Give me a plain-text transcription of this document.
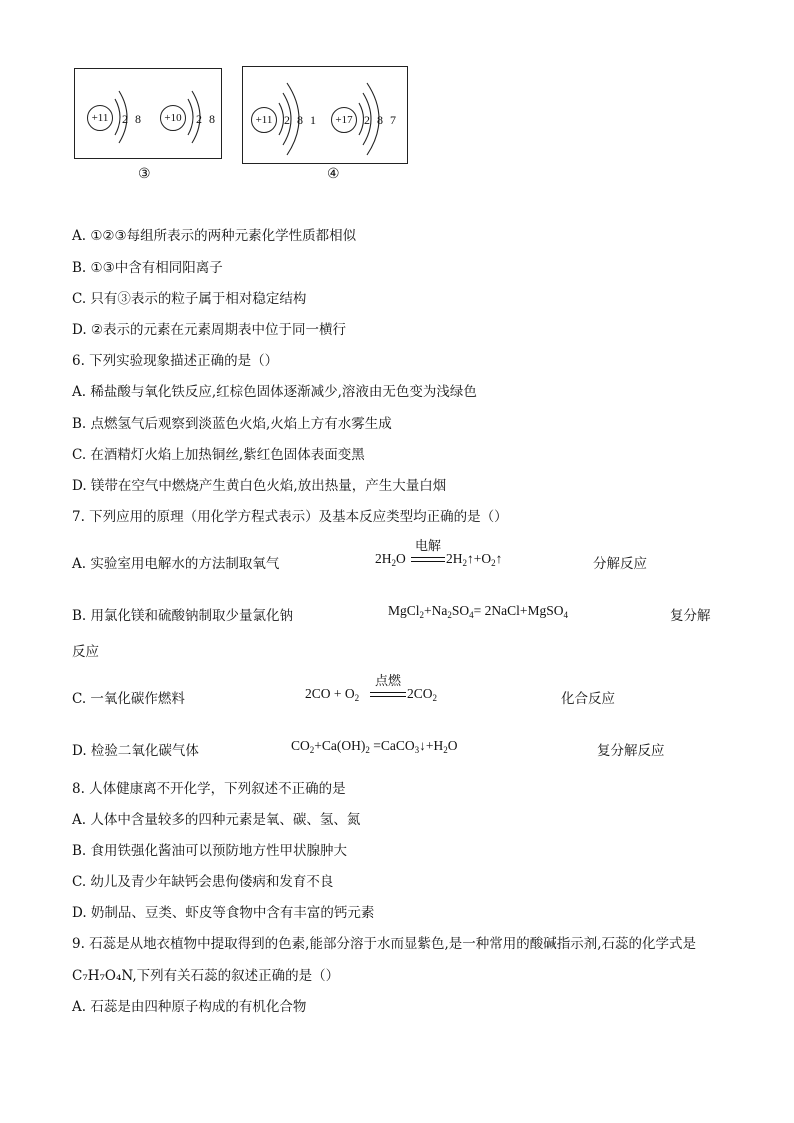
+11	2 8	+10	2 8
③
+11 2 8 1	+17 2 8 7
④
A. ①②③每组所表示的两种元素化学性质都相似
B. ①③中含有相同阳离子
C. 只有③表示的粒子属于相对稳定结构
D. ②表示的元素在元素周期表中位于同一横行
6. 下列实验现象描述正确的是（）
A. 稀盐酸与氧化铁反应,红棕色固体逐渐减少,溶液由无色变为浅绿色
B. 点燃氢气后观察到淡蓝色火焰,火焰上方有水雾生成
C. 在酒精灯火焰上加热铜丝,紫红色固体表面变黑
D. 镁带在空气中燃烧产生黄白色火焰,放出热量，产生大量白烟
7. 下列应用的原理（用化学方程式表示）及基本反应类型均正确的是（）
A. 实验室用电解水的方法制取氧气	$2H_2O$
电解
$2H_2↑+O_2↑$	分解反应
B. 用氯化镁和硫酸钠制取少量氯化钠	$MgCl_2+Na_2SO_4=$ 2NaCl+MgSO$_4$	复分解
反应
C. 一氧化碳作燃料	$2CO + O_2$
点燃
$2CO_2$	化合反应
D. 检验二氧化碳气体	$CO_2+Ca(OH)_2$ $=CaCO_3↓+H_2O$	复分解反应
8. 人体健康离不开化学，下列叙述不正确的是
A. 人体中含量较多的四种元素是氧、碳、氢、氮
B. 食用铁强化酱油可以预防地方性甲状腺肿大
C. 幼儿及青少年缺钙会患佝偻病和发育不良
D. 奶制品、豆类、虾皮等食物中含有丰富的钙元素
9. 石蕊是从地衣植物中提取得到的色素,能部分溶于水而显紫色,是一种常用的酸碱指示剂,石蕊的化学式是
C₇H₇O₄N,下列有关石蕊的叙述正确的是（）
A. 石蕊是由四种原子构成的有机化合物
